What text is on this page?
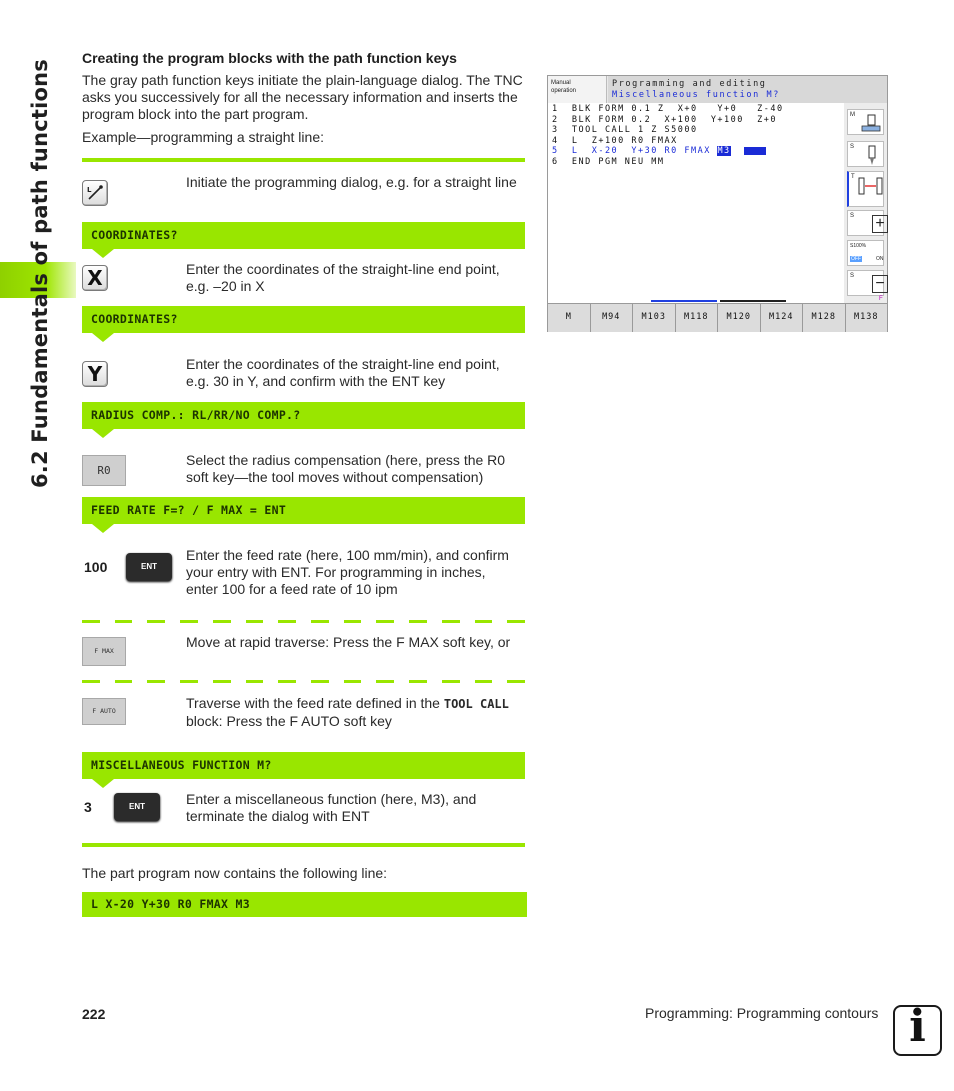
6.2 Fundamentals of path functions
Creating the program blocks with the path function keys
The gray path function keys initiate the plain-language dialog. The TNC
asks you successively for all the necessary information and inserts the
program block into the part program.
Example—programming a straight line:
L	Initiate the programming dialog, e.g. for a straight line
COORDINATES?
X	Enter the coordinates of the straight-line end point,
e.g. –20 in X
COORDINATES?
Y	Enter the coordinates of the straight-line end point,
e.g. 30 in Y, and confirm with the ENT key
RADIUS COMP.: RL/RR/NO COMP.?
R0
Select the radius compensation (here, press the R0
soft key—the tool moves without compensation)
FEED RATE F=? / F MAX = ENT
100	ENT
Enter the feed rate (here, 100 mm/min), and confirm
your entry with ENT. For programming in inches,
enter 100 for a feed rate of 10 ipm
F MAX
Move at rapid traverse: Press the F MAX soft key, or
F AUTO	Traverse with the feed rate defined in the TOOL CALL
block: Press the F AUTO soft key
MISCELLANEOUS FUNCTION M?
3	ENT	Enter a miscellaneous function (here, M3), and
terminate the dialog with ENT
The part program now contains the following line:
L X-20 Y+30 R0 FMAX M3
Manual
operation
Programming and editing
Miscellaneous function M?
1  BLK FORM 0.1 Z  X+0   Y+0   Z-40
2  BLK FORM 0.2  X+100  Y+100  Z+0
3  TOOL CALL 1 Z S5000
4  L  Z+100 R0 FMAX
5  L  X-20  Y+30 R0 FMAX M3
6  END PGM NEU MM
M
S
T
S +
S100%
OFF	ON
S −
F
M	M94	M103	M118	M120	M124	M128	M138
222	Programming: Programming contours i
